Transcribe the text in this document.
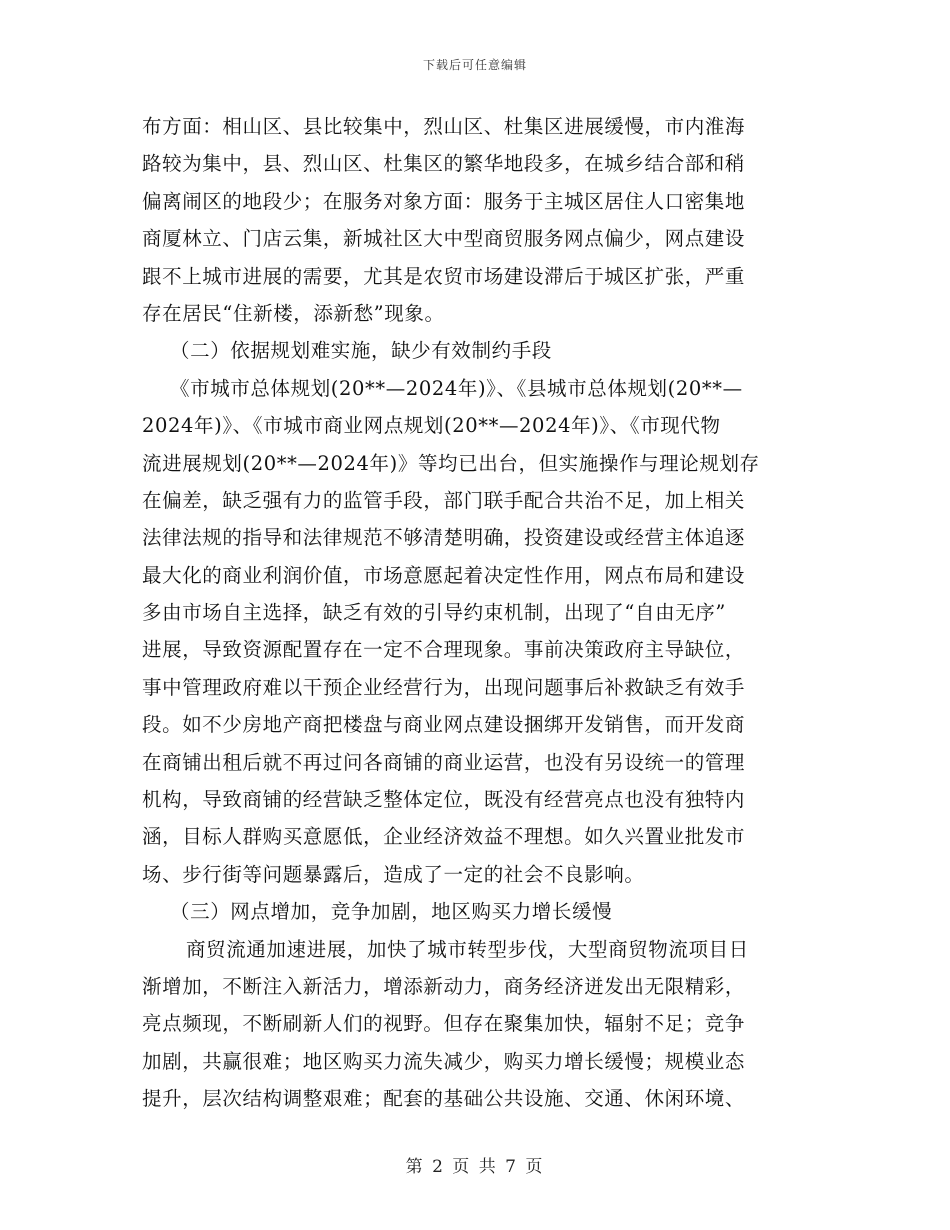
下载后可任意编辑
布方面：相山区、县比较集中，烈山区、杜集区进展缓慢，市内淮海
路较为集中，县、烈山区、杜集区的繁华地段多，在城乡结合部和稍
偏离闹区的地段少；在服务对象方面：服务于主城区居住人口密集地
商厦林立、门店云集，新城社区大中型商贸服务网点偏少，网点建设
跟不上城市进展的需要，尤其是农贸市场建设滞后于城区扩张，严重
存在居民“住新楼，添新愁”现象。
（二）依据规划难实施，缺少有效制约手段
《市城市总体规划(20**—2024年)》、《县城市总体规划(20**—
2024年)》、《市城市商业网点规划(20**—2024年)》、《市现代物
流进展规划(20**—2024年)》等均已出台，但实施操作与理论规划存
在偏差，缺乏强有力的监管手段，部门联手配合共治不足，加上相关
法律法规的指导和法律规范不够清楚明确，投资建设或经营主体追逐
最大化的商业利润价值，市场意愿起着决定性作用，网点布局和建设
多由市场自主选择，缺乏有效的引导约束机制，出现了“自由无序”
进展，导致资源配置存在一定不合理现象。事前决策政府主导缺位，
事中管理政府难以干预企业经营行为，出现问题事后补救缺乏有效手
段。如不少房地产商把楼盘与商业网点建设捆绑开发销售，而开发商
在商铺出租后就不再过问各商铺的商业运营，也没有另设统一的管理
机构，导致商铺的经营缺乏整体定位，既没有经营亮点也没有独特内
涵，目标人群购买意愿低，企业经济效益不理想。如久兴置业批发市
场、步行街等问题暴露后，造成了一定的社会不良影响。
（三）网点增加，竞争加剧，地区购买力增长缓慢
商贸流通加速进展，加快了城市转型步伐，大型商贸物流项目日
渐增加，不断注入新活力，增添新动力，商务经济迸发出无限精彩，
亮点频现，不断刷新人们的视野。但存在聚集加快，辐射不足；竞争
加剧，共赢很难；地区购买力流失减少，购买力增长缓慢；规模业态
提升，层次结构调整艰难；配套的基础公共设施、交通、休闲环境、
第 2 页 共 7 页
